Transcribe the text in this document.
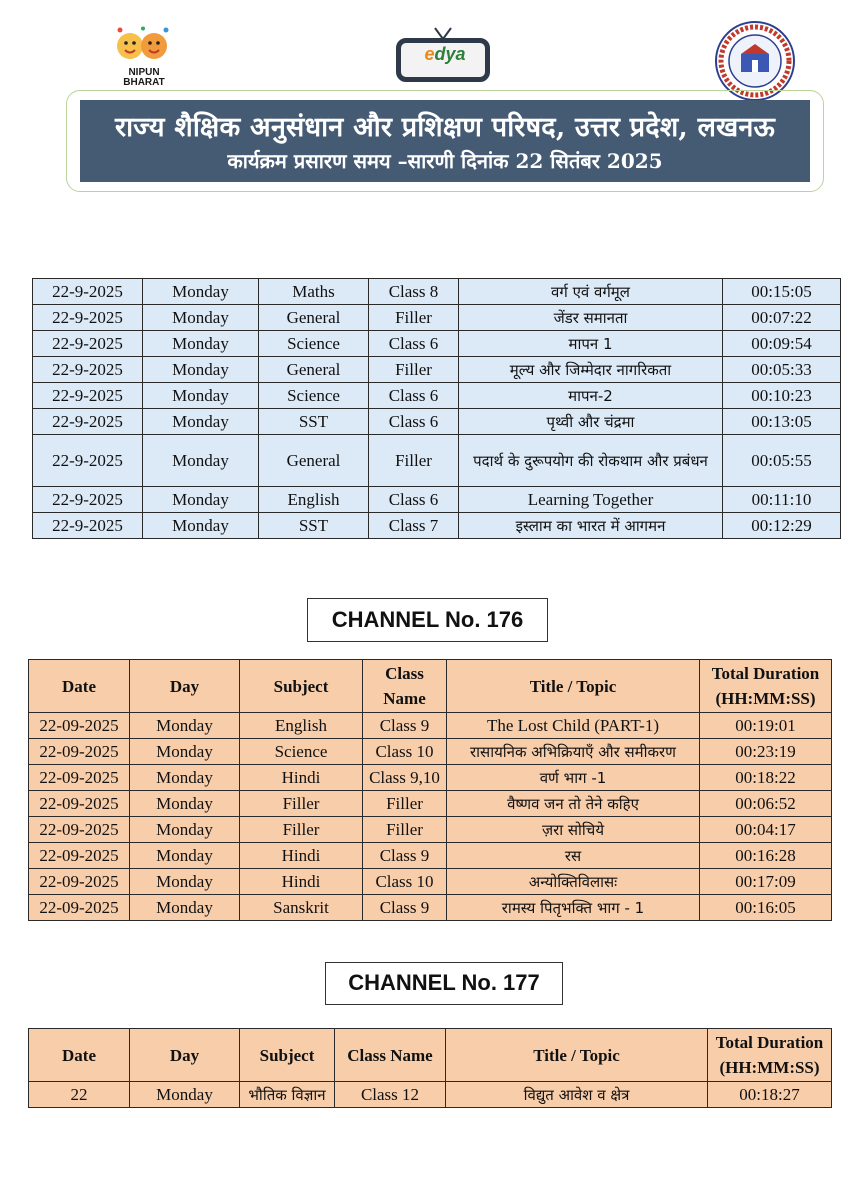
NIPUN BHARAT
edya
राज्य शैक्षिक अनुसंधान और प्रशिक्षण परिषद, उत्तर प्रदेश, लखनऊ
कार्यक्रम प्रसारण समय –सारणी दिनांक 22 सितंबर 2025
22-9-2025	Monday	Maths	Class 8	वर्ग एवं वर्गमूल	00:15:05
22-9-2025	Monday	General	Filler	जेंडर समानता	00:07:22
22-9-2025	Monday	Science	Class 6	मापन 1	00:09:54
22-9-2025	Monday	General	Filler	मूल्य और जिम्मेदार नागरिकता	00:05:33
22-9-2025	Monday	Science	Class 6	मापन-2	00:10:23
22-9-2025	Monday	SST	Class 6	पृथ्वी और चंद्रमा	00:13:05
22-9-2025	Monday	General	Filler	पदार्थ के दुरूपयोग की रोकथाम और प्रबंधन	00:05:55
22-9-2025	Monday	English	Class 6	Learning Together	00:11:10
22-9-2025	Monday	SST	Class 7	इस्लाम का भारत में आगमन	00:12:29
CHANNEL No. 176
Date	Day	Subject	Class Name	Title / Topic	Total Duration (HH:MM:SS)
22-09-2025	Monday	English	Class 9	The Lost Child (PART-1)	00:19:01
22-09-2025	Monday	Science	Class 10	रासायनिक अभिक्रियाएँ और समीकरण	00:23:19
22-09-2025	Monday	Hindi	Class 9,10	वर्ण भाग -1	00:18:22
22-09-2025	Monday	Filler	Filler	वैष्णव जन तो तेने कहिए	00:06:52
22-09-2025	Monday	Filler	Filler	ज़रा सोचिये	00:04:17
22-09-2025	Monday	Hindi	Class 9	रस	00:16:28
22-09-2025	Monday	Hindi	Class 10	अन्योक्तिविलासः	00:17:09
22-09-2025	Monday	Sanskrit	Class 9	रामस्य पितृभक्ति भाग - 1	00:16:05
CHANNEL No. 177
Date	Day	Subject	Class Name	Title / Topic	Total Duration (HH:MM:SS)
22	Monday	भौतिक विज्ञान	Class 12	विद्युत आवेश व क्षेत्र	00:18:27
